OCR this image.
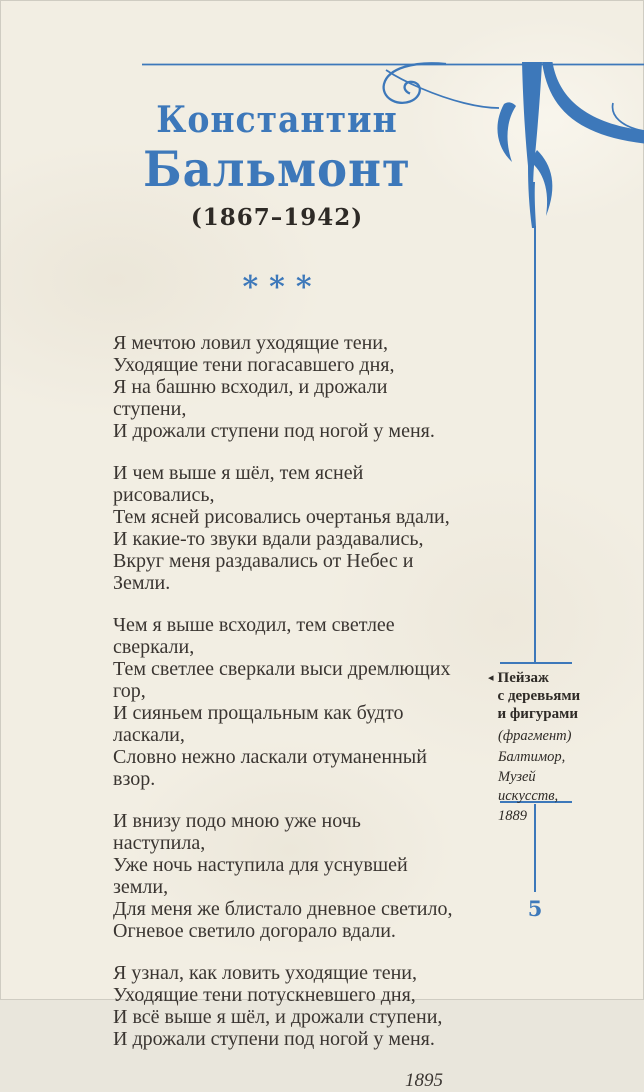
Константин
Бальмонт
(1867–1942)
***

Я мечтою ловил уходящие тени,
Уходящие тени погасавшего дня,
Я на башню всходил, и дрожали ступени,
И дрожали ступени под ногой у меня.

И чем выше я шёл, тем ясней рисовались,
Тем ясней рисовались очертанья вдали,
И какие-то звуки вдали раздавались,
Вкруг меня раздавались от Небес и Земли.

Чем я выше всходил, тем светлее сверкали,
Тем светлее сверкали выси дремлющих гор,
И сияньем прощальным как будто ласкали,
Словно нежно ласкали отуманенный взор.

И внизу подо мною уже ночь наступила,
Уже ночь наступила для уснувшей земли,
Для меня же блистало дневное светило,
Огневое светило догорало вдали.

Я узнал, как ловить уходящие тени,
Уходящие тени потускневшего дня,
И всё выше я шёл, и дрожали ступени,
И дрожали ступени под ногой у меня.

1895
◂ Пейзаж
с деревьями
и фигурами
(фрагмент)
Балтимор,
Музей искусств,
1889
5
